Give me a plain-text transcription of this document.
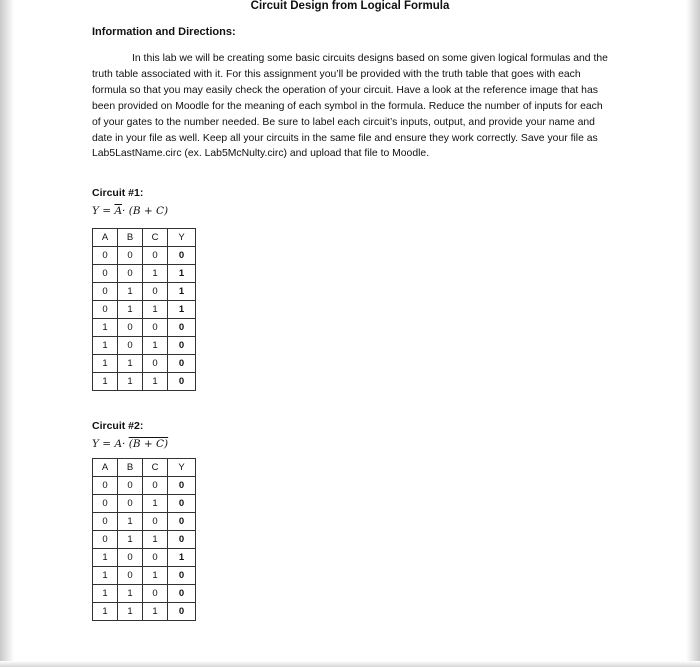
Circuit Design from Logical Formula
Information and Directions:
In this lab we will be creating some basic circuits designs based on some given logical formulas and the truth table associated with it. For this assignment you’ll be provided with the truth table that goes with each formula so that you may easily check the operation of your circuit. Have a look at the reference image that has been provided on Moodle for the meaning of each symbol in the formula. Reduce the number of inputs for each of your gates to the number needed. Be sure to label each circuit’s inputs, output, and provide your name and date in your file as well. Keep all your circuits in the same file and ensure they work correctly. Save your file as Lab5LastName.circ (ex. Lab5McNulty.circ) and upload that file to Moodle.
Circuit #1:
$Y = \overline{A}\cdot (B + C)$
A	B	C	Y
0	0	0	0
0	0	1	1
0	1	0	1
0	1	1	1
1	0	0	0
1	0	1	0
1	1	0	0
1	1	1	0
Circuit #2:
Y = A· (B + C)
A	B	C	Y
0	0	0	0
0	0	1	0
0	1	0	0
0	1	1	0
1	0	0	1
1	0	1	0
1	1	0	0
1	1	1	0
